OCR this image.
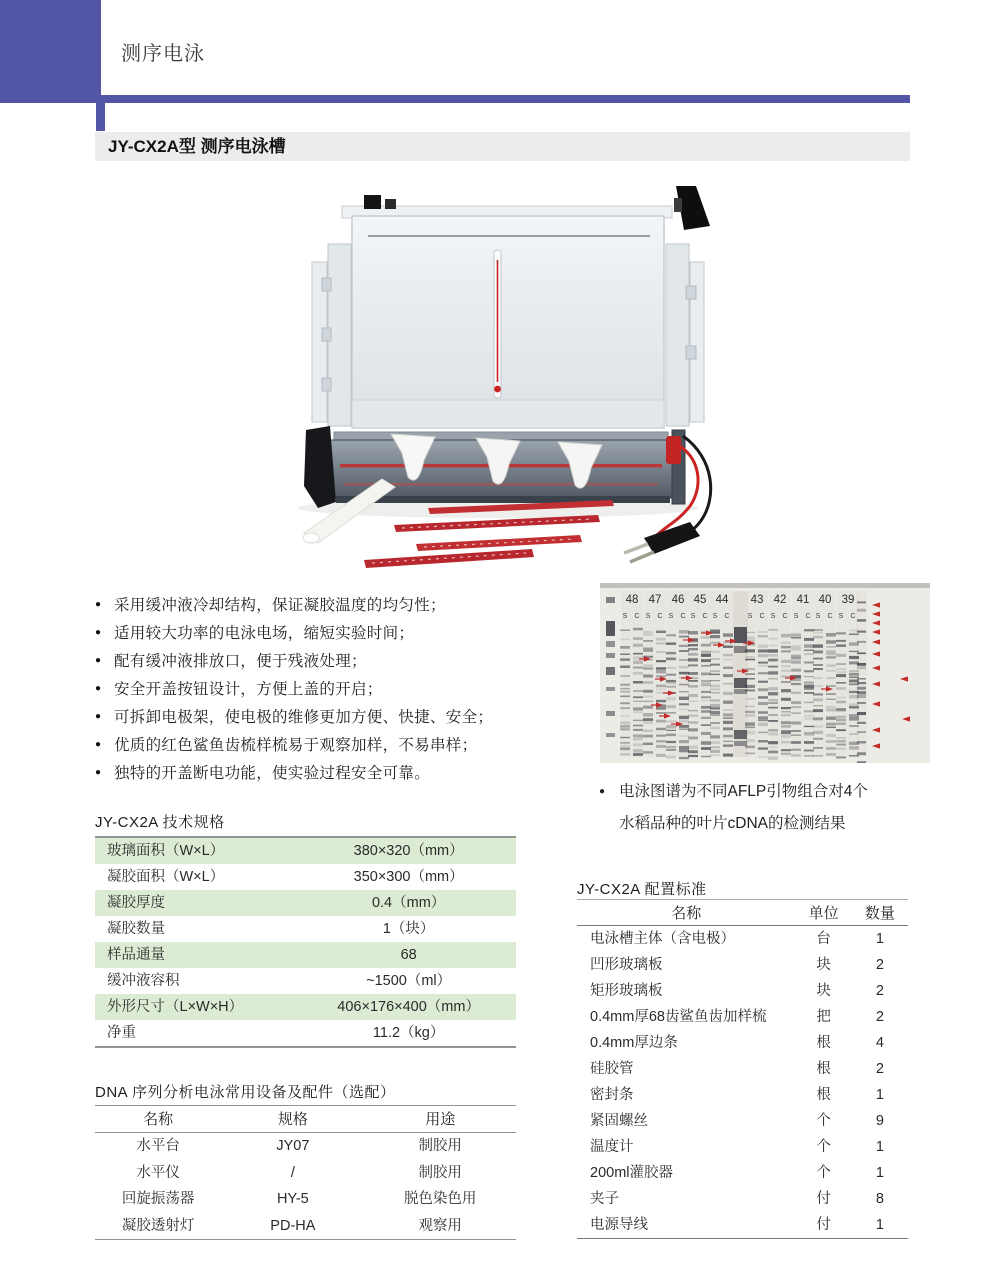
测序电泳
JY-CX2A型 测序电泳槽
● 采用缓冲液冷却结构，保证凝胶温度的均匀性；
● 适用较大功率的电泳电场，缩短实验时间；
● 配有缓冲液排放口，便于残液处理；
● 安全开盖按钮设计，方便上盖的开启；
● 可拆卸电极架，使电极的维修更加方便、快捷、安全；
● 优质的红色鲨鱼齿梳样梳易于观察加样，不易串样；
● 独特的开盖断电功能，使实验过程安全可靠。
48
S C
47
S C
46
S C
45
S C
44
S C
43
S C
42
S C
41
S C
40
S C
39
S C
● 电泳图谱为不同AFLP引物组合对4个
水稻品种的叶片cDNA的检测结果
JY-CX2A 技术规格
玻璃面积（W×L）	380×320（mm）
凝胶面积（W×L）	350×300（mm）
凝胶厚度	0.4（mm）
凝胶数量	1（块）
样品通量	68
缓冲液容积	~1500（ml）
外形尺寸（L×W×H）	406×176×400（mm）
净重	11.2（kg）
DNA 序列分析电泳常用设备及配件（选配）
名称	规格	用途
水平台	JY07	制胶用
水平仪	/	制胶用
回旋振荡器	HY-5	脱色染色用
凝胶透射灯	PD-HA	观察用
JY-CX2A 配置标准
名称	单位	数量
电泳槽主体（含电极）	台	1
凹形玻璃板	块	2
矩形玻璃板	块	2
0.4mm厚68齿鲨鱼齿加样梳	把	2
0.4mm厚边条	根	4
硅胶管	根	2
密封条	根	1
紧固螺丝	个	9
温度计	个	1
200ml灌胶器	个	1
夹子	付	8
电源导线	付	1
